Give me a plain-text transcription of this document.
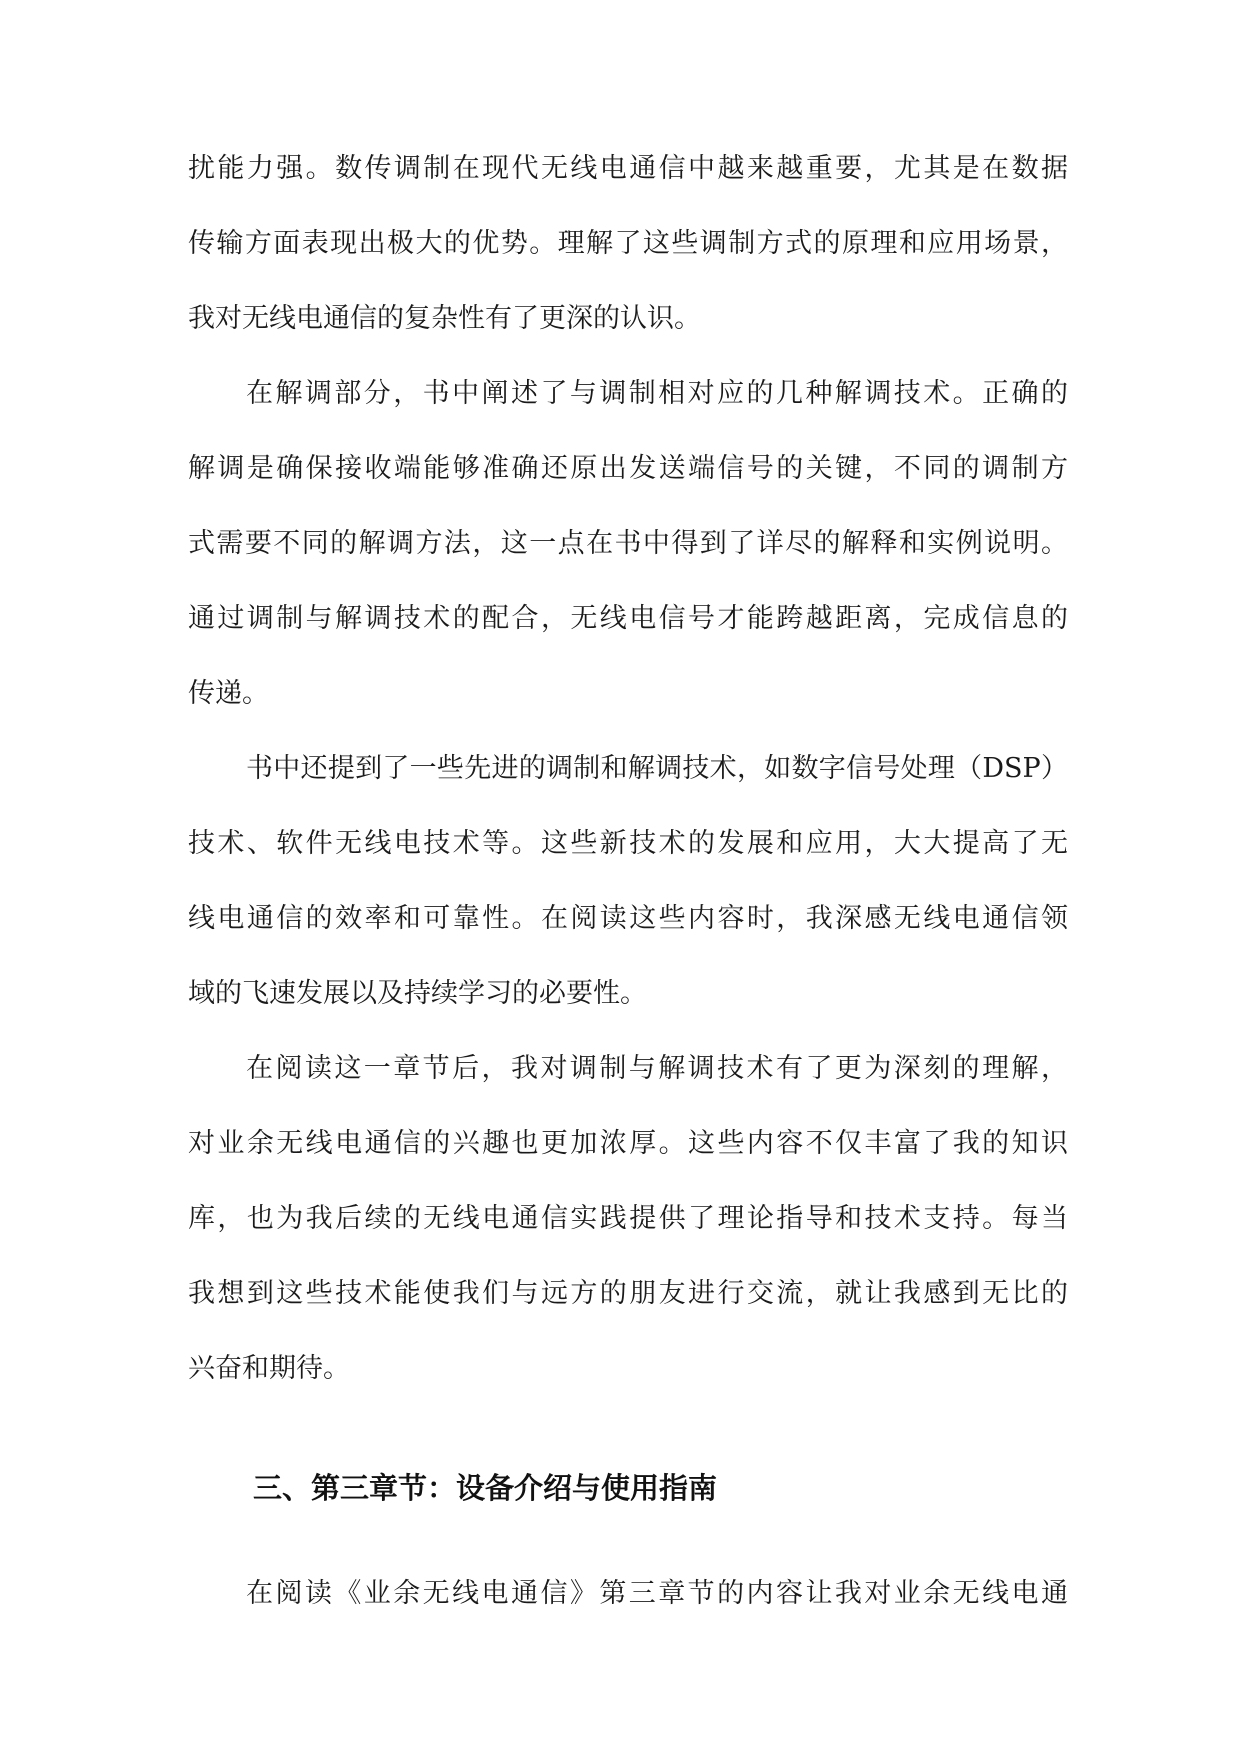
扰能力强。数传调制在现代无线电通信中越来越重要，尤其是在数据
传输方面表现出极大的优势。理解了这些调制方式的原理和应用场景，
我对无线电通信的复杂性有了更深的认识。
在解调部分，书中阐述了与调制相对应的几种解调技术。正确的
解调是确保接收端能够准确还原出发送端信号的关键，不同的调制方
式需要不同的解调方法，这一点在书中得到了详尽的解释和实例说明。
通过调制与解调技术的配合，无线电信号才能跨越距离，完成信息的
传递。
书中还提到了一些先进的调制和解调技术，如数字信号处理（DSP）
技术、软件无线电技术等。这些新技术的发展和应用，大大提高了无
线电通信的效率和可靠性。在阅读这些内容时，我深感无线电通信领
域的飞速发展以及持续学习的必要性。
在阅读这一章节后，我对调制与解调技术有了更为深刻的理解，
对业余无线电通信的兴趣也更加浓厚。这些内容不仅丰富了我的知识
库，也为我后续的无线电通信实践提供了理论指导和技术支持。每当
我想到这些技术能使我们与远方的朋友进行交流，就让我感到无比的
兴奋和期待。
在阅读《业余无线电通信》第三章节的内容让我对业余无线电通
三、第三章节：设备介绍与使用指南
